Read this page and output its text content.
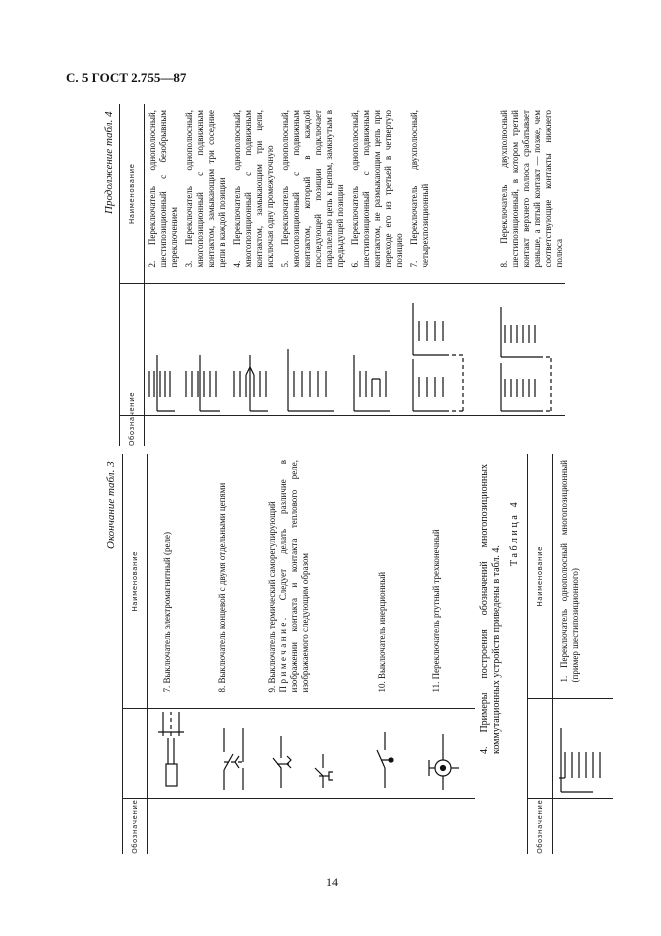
С. 5 ГОСТ 2.755—87
14
Окончание табл. 3
Обозначение		Наименование

7. Выключатель электромагнитный (реле)

8. Выключатель концевой с двумя отдельными цепями

9. Выключатель термический саморегулирующий Примечание. Следует делать различие в изображении контакта и контакта теплового реле, изображаемого следующим образом

10. Выключатель инерционный

11. Переключатель ртутный трехконечный	4. Примеры построения обозначений многопозиционных коммутационных устройств приведены в табл. 4.
Таблица 4
Обозначение		Наименование

1. Переключатель однополюсный многопозиционный (пример шестипозиционного)

Продолжение табл. 4
Обозначение		Наименование

2. Переключатель однополюсный, шестипозиционный с безобрывным переключением

3. Переключатель однополюсный, многопозиционный с подвижным контактом, замыкающим три соседние цепи в каждой позиции

4. Переключатель однополюсный, многопозиционный с подвижным контактом, замыкающим три цепи, исключая одну промежуточную

5. Переключатель однополюсный, многопозиционный с подвижным контактом, который в каждой последующей позиции подключает параллельно цепь к цепям, замкнутым в предыдущей позиции

6. Переключатель однополюсный, шестипозиционный с подвижным контактом, не размыкающим цепь при переходе его из третьей в четвертую позицию

7. Переключатель двухполюсный, четырехпозиционный

8. Переключатель двухполюсный шестипозиционный, в котором третий контакт верхнего полюса срабатывает раньше, а пятый контакт — позже, чем соответствующие контакты нижнего полюса
